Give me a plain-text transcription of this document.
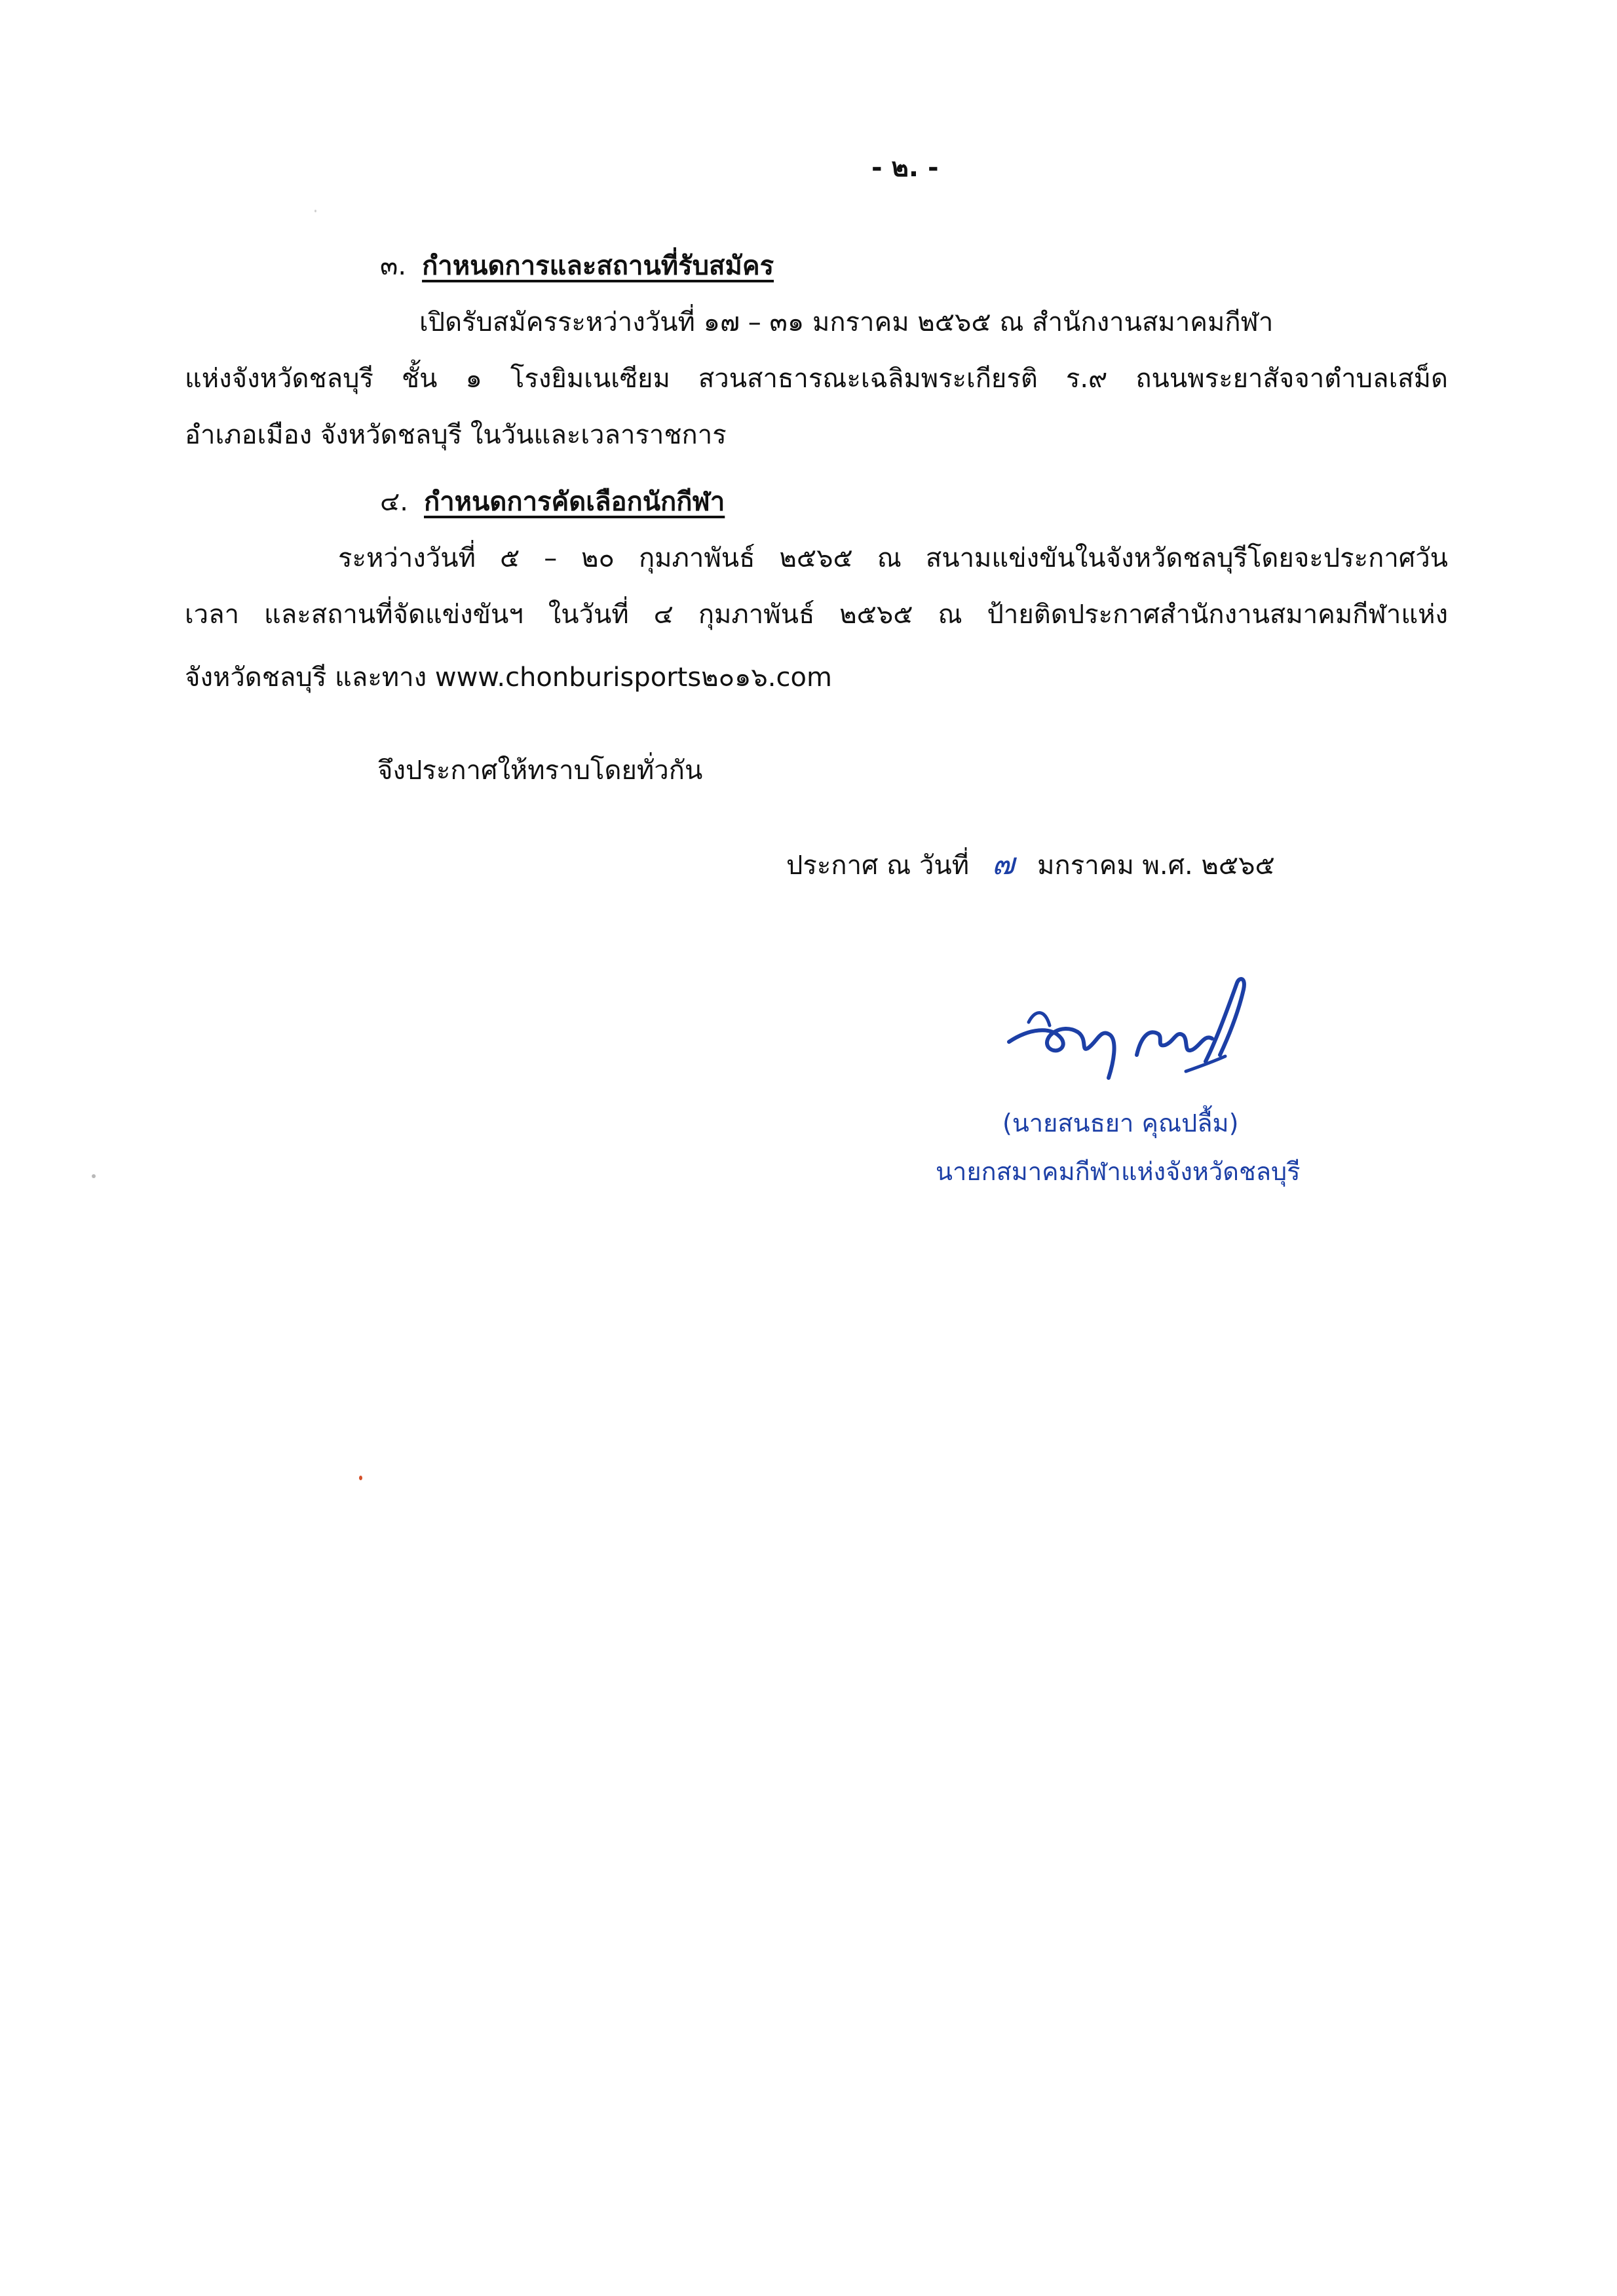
- ๒. -
๓. กำหนดการและสถานที่รับสมัคร
เปิดรับสมัครระหว่างวันที่ ๑๗ – ๓๑ มกราคม ๒๕๖๕ ณ สำนักงานสมาคมกีฬา
แห่งจังหวัดชลบุรี ชั้น ๑ โรงยิมเนเซียม สวนสาธารณะเฉลิมพระเกียรติ ร.๙ ถนนพระยาสัจจาตำบลเสม็ด
อำเภอเมือง จังหวัดชลบุรี ในวันและเวลาราชการ
๔. กำหนดการคัดเลือกนักกีฬา
ระหว่างวันที่ ๕ – ๒๐ กุมภาพันธ์ ๒๕๖๕ ณ สนามแข่งขันในจังหวัดชลบุรีโดยจะประกาศวัน
เวลา และสถานที่จัดแข่งขันฯ ในวันที่ ๔ กุมภาพันธ์ ๒๕๖๕ ณ ป้ายติดประกาศสำนักงานสมาคมกีฬาแห่ง
จังหวัดชลบุรี และทาง www.chonburisports๒๐๑๖.com
จึงประกาศให้ทราบโดยทั่วกัน
ประกาศ ณ วันที่ ๗ มกราคม พ.ศ. ๒๕๖๕
(นายสนธยา คุณปลื้ม)
นายกสมาคมกีฬาแห่งจังหวัดชลบุรี
